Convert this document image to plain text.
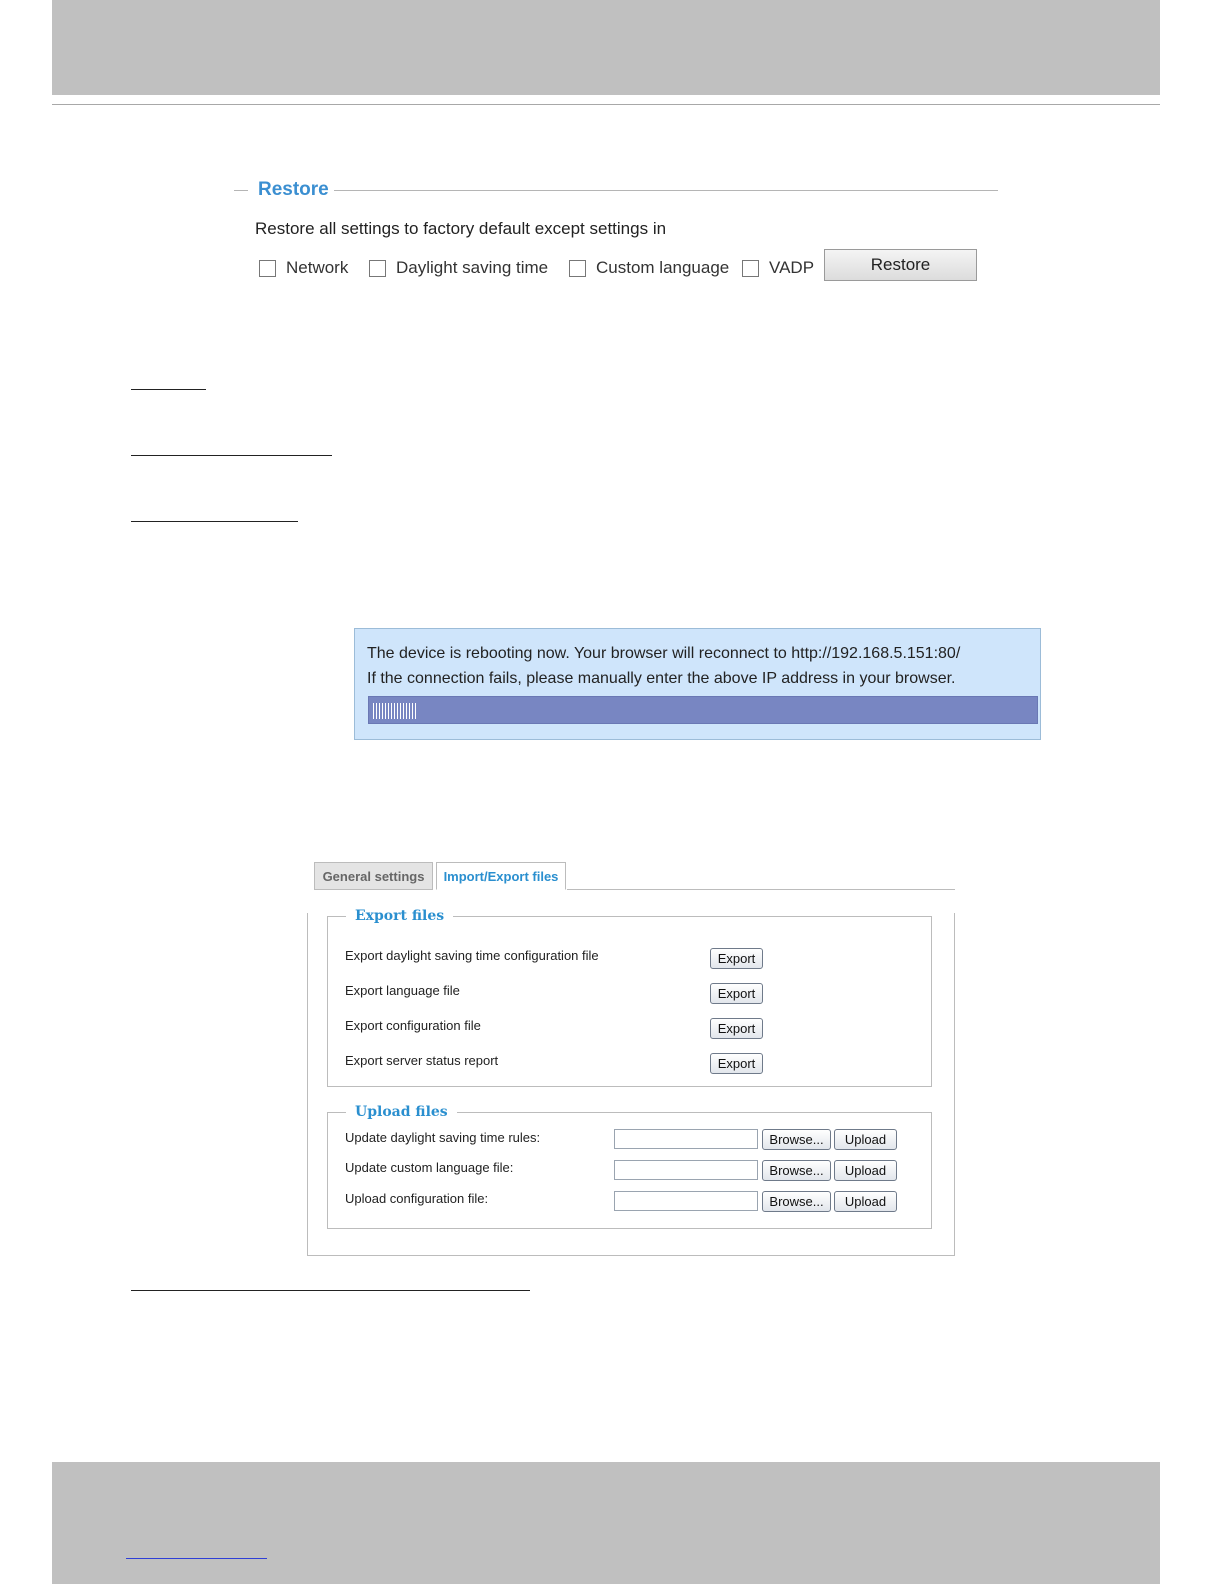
Restore
Restore all settings to factory default except settings in
Network	Daylight saving time	Custom language VADP	Restore
The device is rebooting now. Your browser will reconnect to http://192.168.5.151:80/
If the connection fails, please manually enter the above IP address in your browser.
General settings	Import/Export files
Export files
Export daylight saving time configuration file	Export
Export language file	Export
Export configuration file	Export
Export server status report	Export
Upload files
Update daylight saving time rules:	Browse...	Upload
Update custom language file:	Browse...	Upload
Upload configuration file:	Browse...	Upload
